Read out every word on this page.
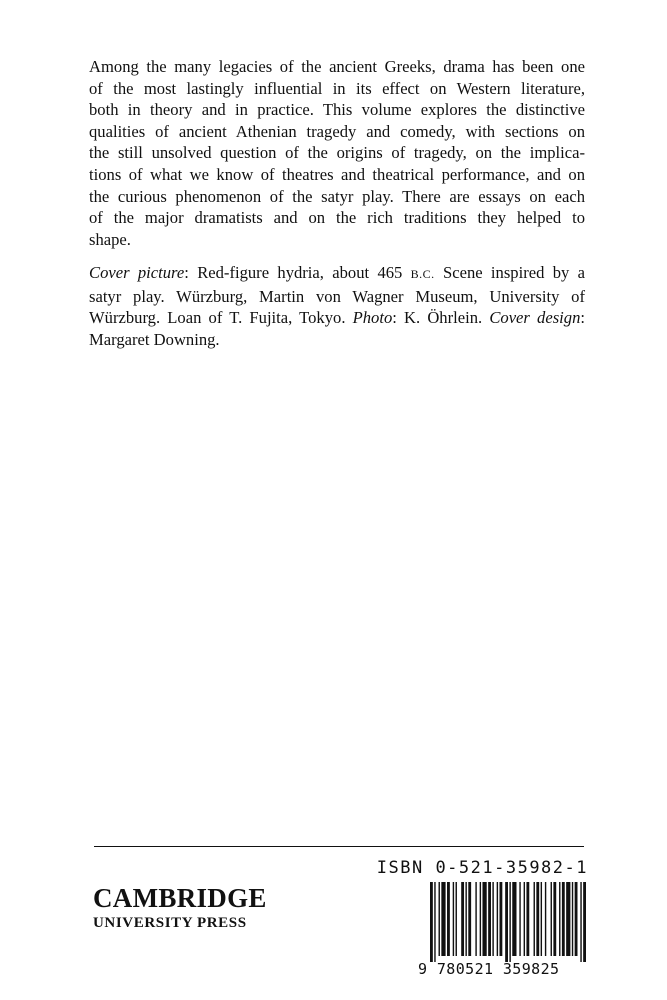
Among the many legacies of the ancient Greeks, drama has been one
of the most lastingly influential in its effect on Western literature,
both in theory and in practice. This volume explores the distinctive
qualities of ancient Athenian tragedy and comedy, with sections on
the still unsolved question of the origins of tragedy, on the implica-
tions of what we know of theatres and theatrical performance, and on
the curious phenomenon of the satyr play. There are essays on each
of the major dramatists and on the rich traditions they helped to
shape.
Cover picture: Red-figure hydria, about 465 B.C. Scene inspired by a
satyr play. Würzburg, Martin von Wagner Museum, University of
Würzburg. Loan of T. Fujita, Tokyo. Photo: K. Öhrlein. Cover design:
Margaret Downing.
ISBN 0-521-35982-1
CAMBRIDGE
UNIVERSITY PRESS
9 780521 359825
